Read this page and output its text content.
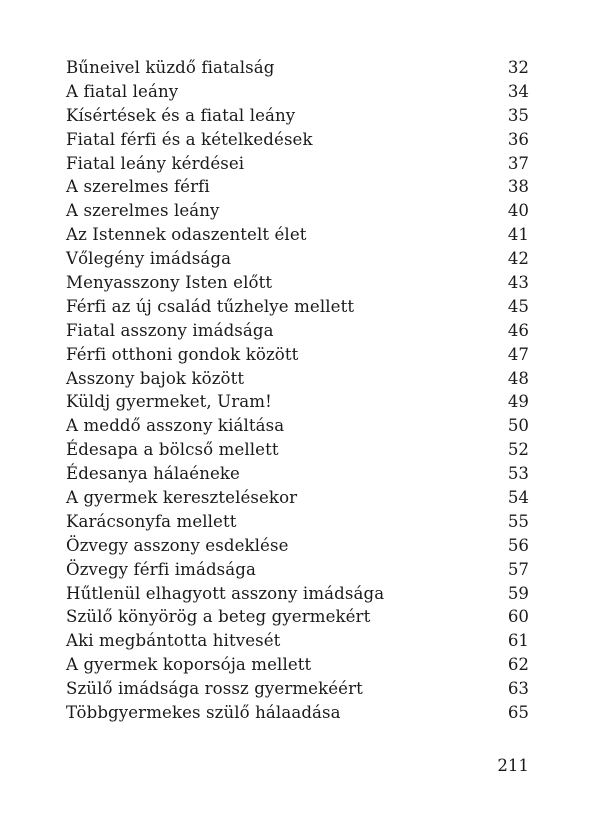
Bűneivel küzdő fiatalság	32
A fiatal leány	34
Kísértések és a fiatal leány	35
Fiatal férfi és a kételkedések	36
Fiatal leány kérdései	37
A szerelmes férfi	38
A szerelmes leány	40
Az Istennek odaszentelt élet	41
Vőlegény imádsága	42
Menyasszony Isten előtt	43
Férfi az új család tűzhelye mellett	45
Fiatal asszony imádsága	46
Férfi otthoni gondok között	47
Asszony bajok között	48
Küldj gyermeket, Uram!	49
A meddő asszony kiáltása	50
Édesapa a bölcső mellett	52
Édesanya hálaéneke	53
A gyermek keresztelésekor	54
Karácsonyfa mellett	55
Özvegy asszony esdeklése	56
Özvegy férfi imádsága	57
Hűtlenül elhagyott asszony imádsága	59
Szülő könyörög a beteg gyermekért	60
Aki megbántotta hitvesét	61
A gyermek koporsója mellett	62
Szülő imádsága rossz gyermekéért	63
Többgyermekes szülő hálaadása	65
211
